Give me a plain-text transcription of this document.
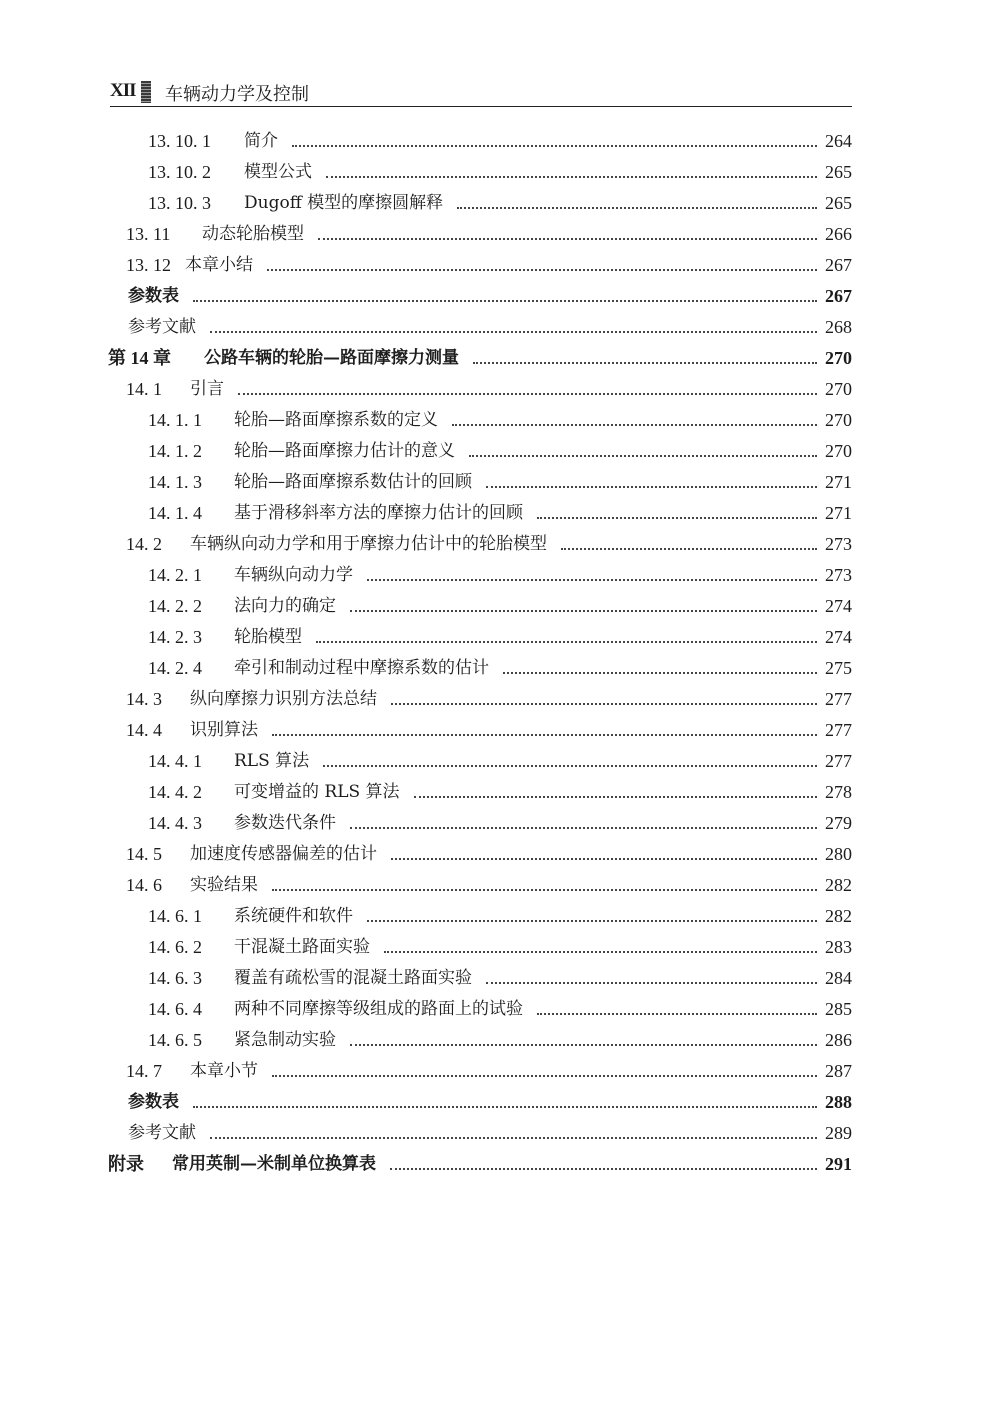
XII 车辆动力学及控制
13. 10. 1 简介	264
13. 10. 2 模型公式	265
13. 10. 3 Dugoff 模型的摩擦圆解释	265
13. 11 动态轮胎模型	266
13. 12 本章小结	267
参数表	267
参考文献	268
第 14 章 公路车辆的轮胎—路面摩擦力测量	270
14. 1 引言	270
14. 1. 1 轮胎—路面摩擦系数的定义	270
14. 1. 2 轮胎—路面摩擦力估计的意义	270
14. 1. 3 轮胎—路面摩擦系数估计的回顾	271
14. 1. 4 基于滑移斜率方法的摩擦力估计的回顾	271
14. 2 车辆纵向动力学和用于摩擦力估计中的轮胎模型	273
14. 2. 1 车辆纵向动力学	273
14. 2. 2 法向力的确定	274
14. 2. 3 轮胎模型	274
14. 2. 4 牵引和制动过程中摩擦系数的估计	275
14. 3 纵向摩擦力识别方法总结	277
14. 4 识别算法	277
14. 4. 1 RLS 算法	277
14. 4. 2 可变增益的 RLS 算法	278
14. 4. 3 参数迭代条件	279
14. 5 加速度传感器偏差的估计	280
14. 6 实验结果	282
14. 6. 1 系统硬件和软件	282
14. 6. 2 干混凝土路面实验	283
14. 6. 3 覆盖有疏松雪的混凝土路面实验	284
14. 6. 4 两种不同摩擦等级组成的路面上的试验	285
14. 6. 5 紧急制动实验	286
14. 7 本章小节	287
参数表	288
参考文献	289
附录 常用英制—米制单位换算表	291
